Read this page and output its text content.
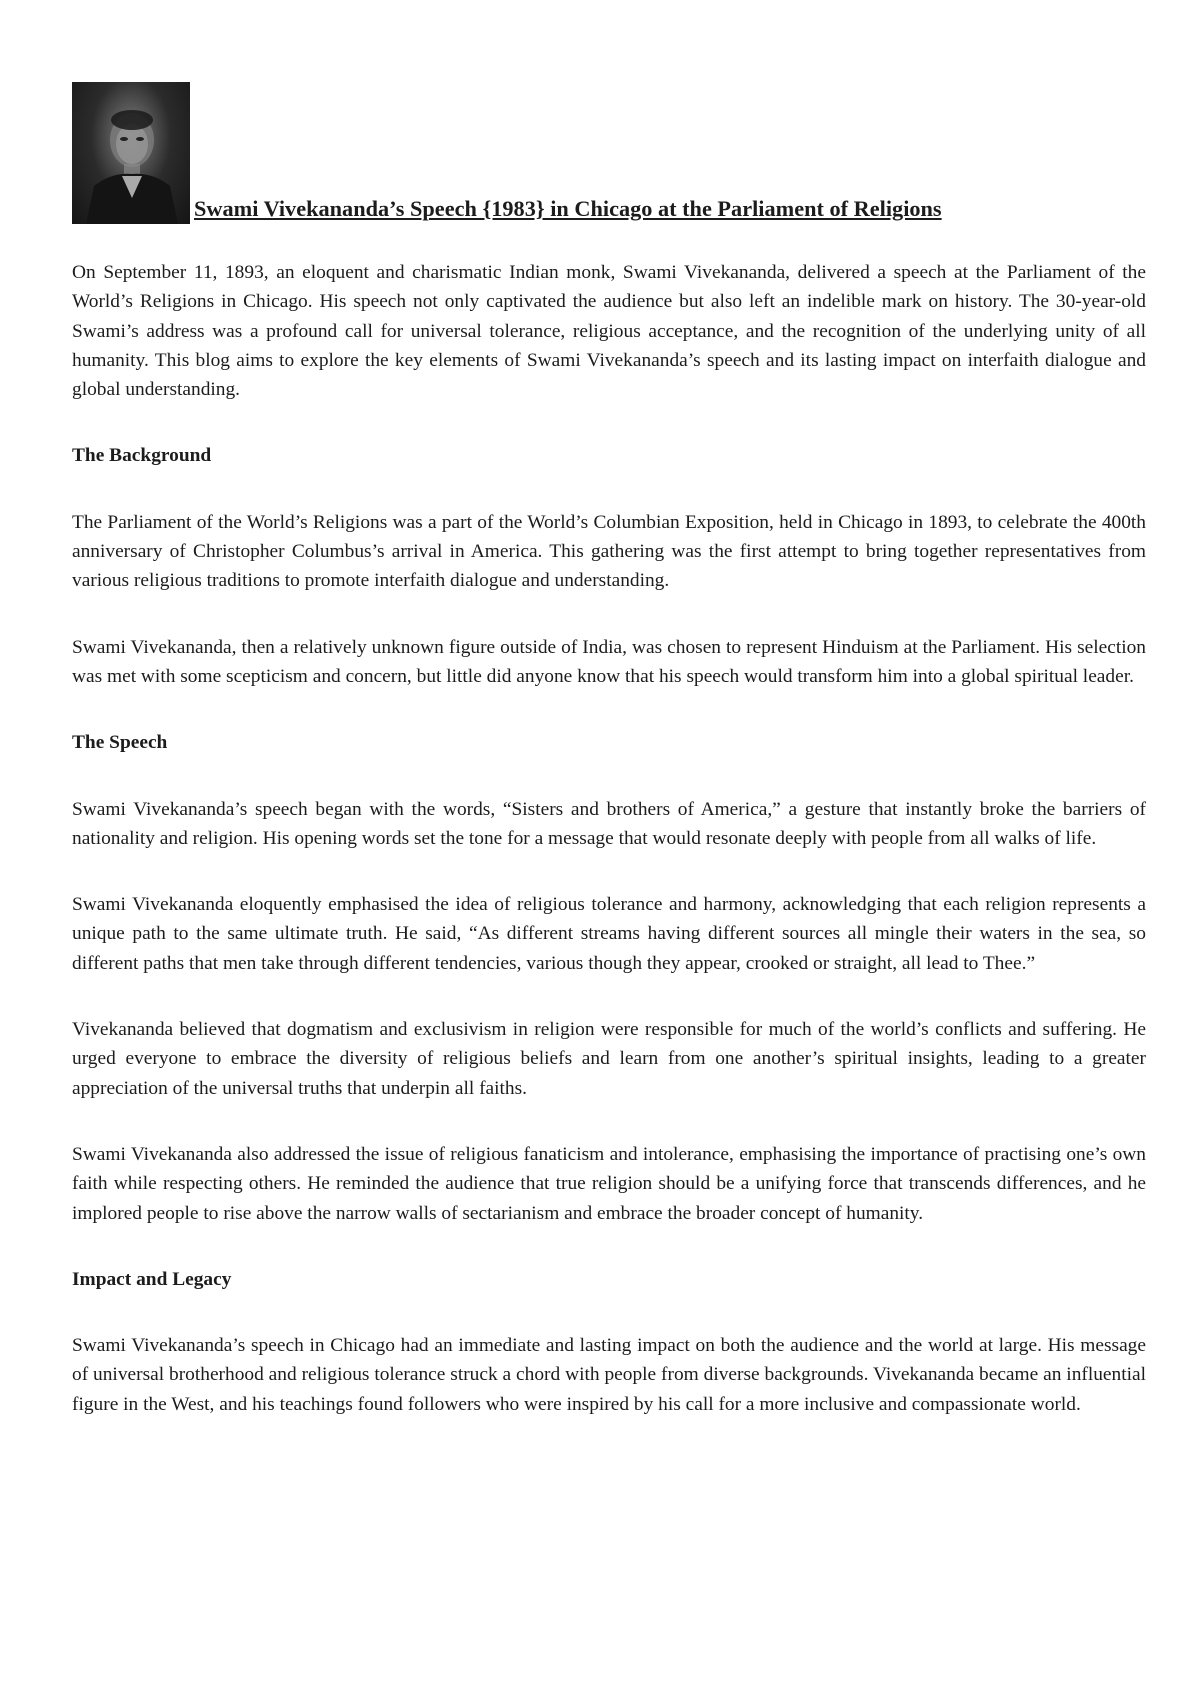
Swami Vivekananda’s Speech {1983} in Chicago at the Parliament of Religions

On September 11, 1893, an eloquent and charismatic Indian monk, Swami Vivekananda, delivered a speech at the Parliament of the World’s Religions in Chicago. His speech not only captivated the audience but also left an indelible mark on history. The 30-year-old Swami’s address was a profound call for universal tolerance, religious acceptance, and the recognition of the underlying unity of all humanity. This blog aims to explore the key elements of Swami Vivekananda’s speech and its lasting impact on interfaith dialogue and global understanding.

The Background

The Parliament of the World’s Religions was a part of the World’s Columbian Exposition, held in Chicago in 1893, to celebrate the 400th anniversary of Christopher Columbus’s arrival in America. This gathering was the first attempt to bring together representatives from various religious traditions to promote interfaith dialogue and understanding.

Swami Vivekananda, then a relatively unknown figure outside of India, was chosen to represent Hinduism at the Parliament. His selection was met with some scepticism and concern, but little did anyone know that his speech would transform him into a global spiritual leader.

The Speech

Swami Vivekananda’s speech began with the words, “Sisters and brothers of America,” a gesture that instantly broke the barriers of nationality and religion. His opening words set the tone for a message that would resonate deeply with people from all walks of life.

Swami Vivekananda eloquently emphasised the idea of religious tolerance and harmony, acknowledging that each religion represents a unique path to the same ultimate truth. He said, “As different streams having different sources all mingle their waters in the sea, so different paths that men take through different tendencies, various though they appear, crooked or straight, all lead to Thee.”

Vivekananda believed that dogmatism and exclusivism in religion were responsible for much of the world’s conflicts and suffering. He urged everyone to embrace the diversity of religious beliefs and learn from one another’s spiritual insights, leading to a greater appreciation of the universal truths that underpin all faiths.

Swami Vivekananda also addressed the issue of religious fanaticism and intolerance, emphasising the importance of practising one’s own faith while respecting others. He reminded the audience that true religion should be a unifying force that transcends differences, and he implored people to rise above the narrow walls of sectarianism and embrace the broader concept of humanity.

Impact and Legacy

Swami Vivekananda’s speech in Chicago had an immediate and lasting impact on both the audience and the world at large. His message of universal brotherhood and religious tolerance struck a chord with people from diverse backgrounds. Vivekananda became an influential figure in the West, and his teachings found followers who were inspired by his call for a more inclusive and compassionate world.
